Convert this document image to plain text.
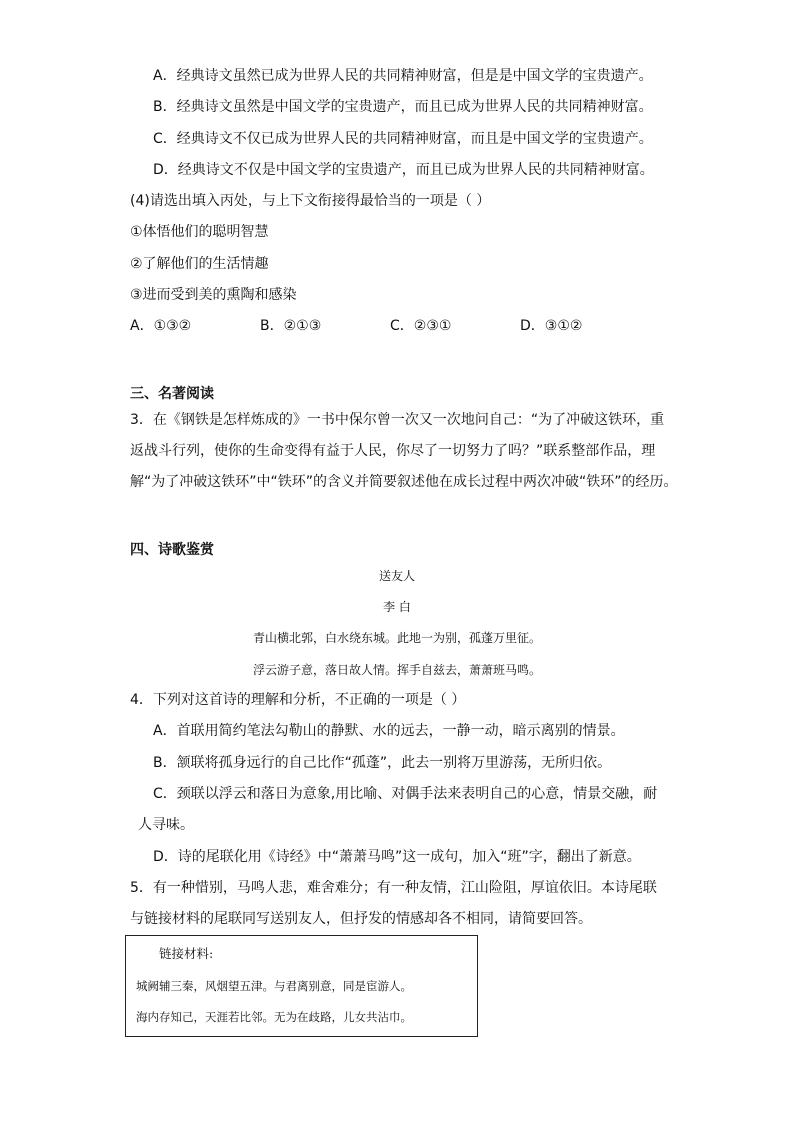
A．经典诗文虽然已成为世界人民的共同精神财富，但是是中国文学的宝贵遗产。
B．经典诗文虽然是中国文学的宝贵遗产，而且已成为世界人民的共同精神财富。
C．经典诗文不仅已成为世界人民的共同精神财富，而且是中国文学的宝贵遗产。
D．经典诗文不仅是中国文学的宝贵遗产，而且已成为世界人民的共同精神财富。
(4)请选出填入丙处，与上下文衔接得最恰当的一项是（ ）
①体悟他们的聪明智慧
②了解他们的生活情趣
③进而受到美的熏陶和感染
A．①③②	B．②①③	C．②③①	D．③①②
三、名著阅读
3．在《钢铁是怎样炼成的》一书中保尔曾一次又一次地问自己：“为了冲破这铁环，重
返战斗行列，使你的生命变得有益于人民，你尽了一切努力了吗？”联系整部作品，理
解“为了冲破这铁环”中“铁环”的含义并简要叙述他在成长过程中两次冲破“铁环”的经历。
四、诗歌鉴赏
送友人
李 白
青山横北郭，白水绕东城。此地一为别，孤蓬万里征。
浮云游子意，落日故人情。挥手自兹去，萧萧班马鸣。
4．下列对这首诗的理解和分析，不正确的一项是（ ）
A．首联用简约笔法勾勒山的静默、水的远去，一静一动，暗示离别的情景。
B．颔联将孤身远行的自己比作“孤蓬”，此去一别将万里游荡，无所归依。
C．颈联以浮云和落日为意象,用比喻、对偶手法来表明自己的心意，情景交融，耐
人寻味。
D．诗的尾联化用《诗经》中“萧萧马鸣”这一成句，加入“班”字，翻出了新意。
5．有一种惜别，马鸣人悲，难舍难分；有一种友情，江山险阻，厚谊依旧。本诗尾联
与链接材料的尾联同写送别友人，但抒发的情感却各不相同，请简要回答。
链接材料:
城阙辅三秦，风烟望五津。与君离别意，同是宦游人。
海内存知己，天涯若比邻。无为在歧路，儿女共沾巾。
